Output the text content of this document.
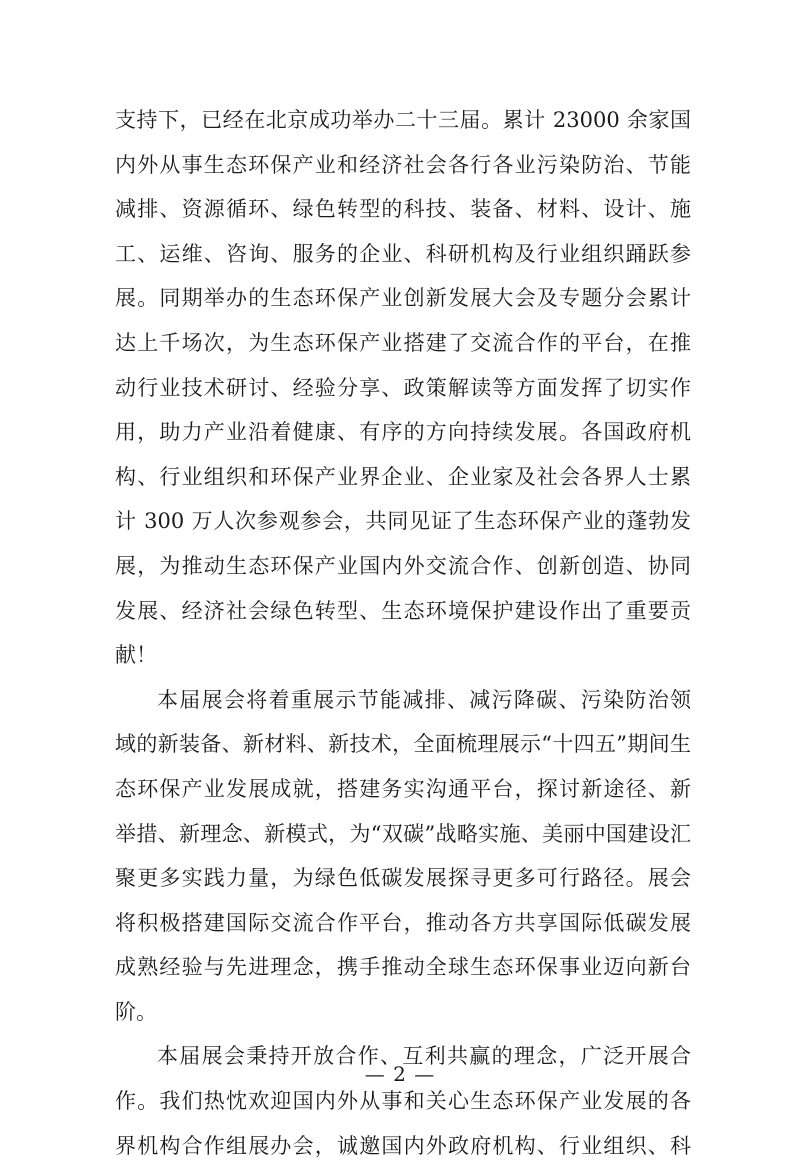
支持下，已经在北京成功举办二十三届。累计 23000 余家国
内外从事生态环保产业和经济社会各行各业污染防治、节能
减排、资源循环、绿色转型的科技、装备、材料、设计、施
工、运维、咨询、服务的企业、科研机构及行业组织踊跃参
展。同期举办的生态环保产业创新发展大会及专题分会累计
达上千场次，为生态环保产业搭建了交流合作的平台，在推
动行业技术研讨、经验分享、政策解读等方面发挥了切实作
用，助力产业沿着健康、有序的方向持续发展。各国政府机
构、行业组织和环保产业界企业、企业家及社会各界人士累
计 300 万人次参观参会，共同见证了生态环保产业的蓬勃发
展，为推动生态环保产业国内外交流合作、创新创造、协同
发展、经济社会绿色转型、生态环境保护建设作出了重要贡
献！
本届展会将着重展示节能减排、减污降碳、污染防治领
域的新装备、新材料、新技术，全面梳理展示“十四五”期间生
态环保产业发展成就，搭建务实沟通平台，探讨新途径、新
举措、新理念、新模式，为“双碳”战略实施、美丽中国建设汇
聚更多实践力量，为绿色低碳发展探寻更多可行路径。展会
将积极搭建国际交流合作平台，推动各方共享国际低碳发展
成熟经验与先进理念，携手推动全球生态环保事业迈向新台
阶。
本届展会秉持开放合作、互利共赢的理念，广泛开展合
作。我们热忱欢迎国内外从事和关心生态环保产业发展的各
界机构合作组展办会，诚邀国内外政府机构、行业组织、科
— 2 —
